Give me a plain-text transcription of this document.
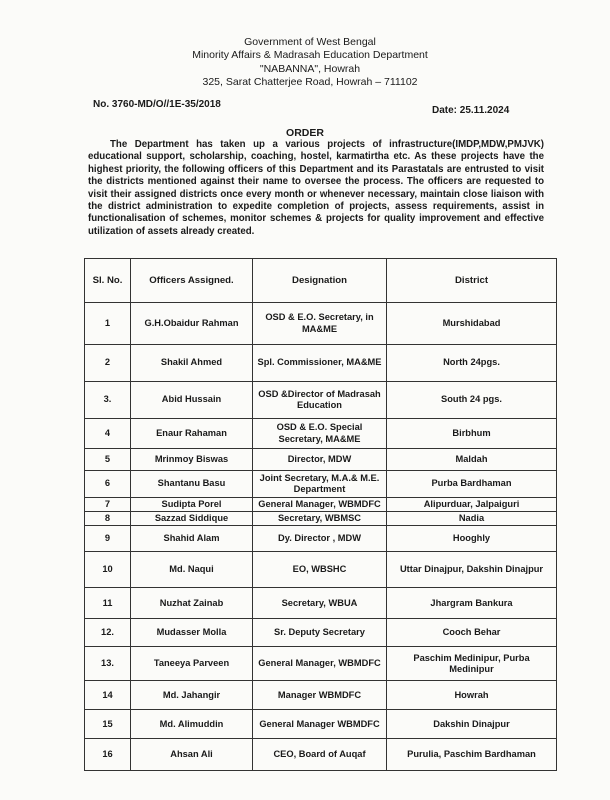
Government of West Bengal
Minority Affairs & Madrasah Education Department
"NABANNA", Howrah
325, Sarat Chatterjee Road, Howrah – 711102
No. 3760-MD/O//1E-35/2018
Date: 25.11.2024
ORDER
The Department has taken up a various projects of infrastructure(IMDP,MDW,PMJVK) educational support, scholarship, coaching, hostel, karmatirtha etc. As these projects have the highest priority, the following officers of this Department and its Parastatals are entrusted to visit the districts mentioned against their name to oversee the process. The officers are requested to visit their assigned districts once every month or whenever necessary, maintain close liaison with the district administration to expedite completion of projects, assess requirements, assist in functionalisation of schemes, monitor schemes & projects for quality improvement and effective utilization of assets already created.
Sl. No.	Officers Assigned.	Designation	District
1	G.H.Obaidur Rahman	OSD & E.O. Secretary, in MA&ME	Murshidabad
2	Shakil Ahmed	Spl. Commissioner, MA&ME	North 24pgs.
3.	Abid Hussain	OSD &Director of Madrasah Education	South 24 pgs.
4	Enaur Rahaman	OSD & E.O. Special Secretary, MA&ME	Birbhum
5	Mrinmoy Biswas	Director, MDW	Maldah
6	Shantanu Basu	Joint Secretary, M.A.& M.E. Department	Purba Bardhaman
7	Sudipta Porel	General Manager, WBMDFC	Alipurduar, Jalpaiguri
8	Sazzad Siddique	Secretary, WBMSC	Nadia
9	Shahid Alam	Dy. Director , MDW	Hooghly
10	Md. Naqui	EO, WBSHC	Uttar Dinajpur, Dakshin Dinajpur
11	Nuzhat Zainab	Secretary, WBUA	Jhargram Bankura
12.	Mudasser Molla	Sr. Deputy Secretary	Cooch Behar
13.	Taneeya Parveen	General Manager, WBMDFC	Paschim Medinipur, Purba Medinipur
14	Md. Jahangir	Manager WBMDFC	Howrah
15	Md. Alimuddin	General Manager WBMDFC	Dakshin Dinajpur
16	Ahsan Ali	CEO, Board of Auqaf	Purulia, Paschim Bardhaman
